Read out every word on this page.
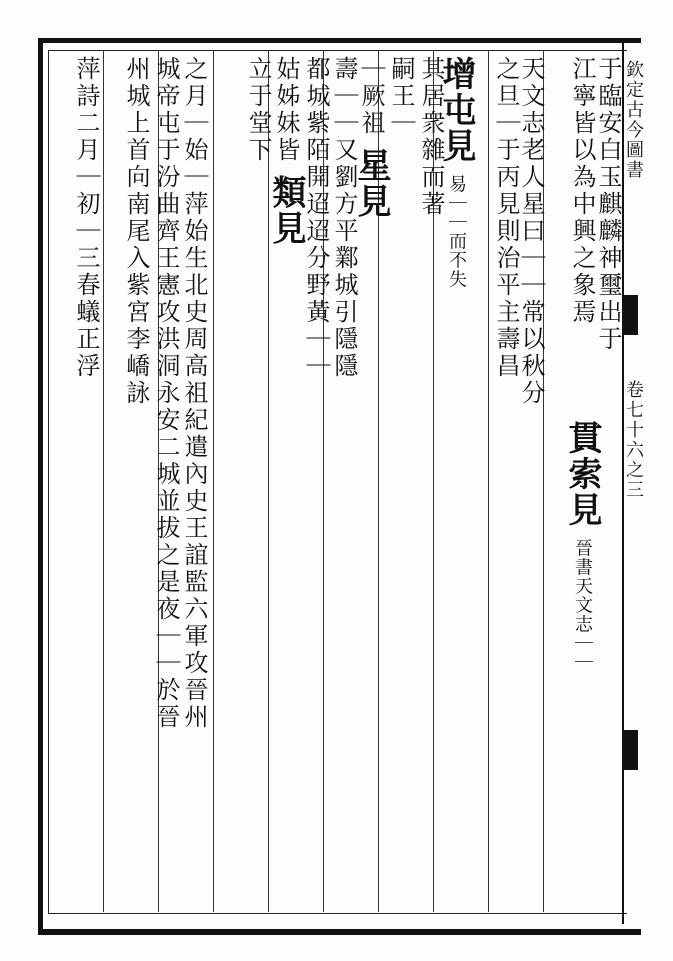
欽定古今圖書
卷七十六之三
于臨安白玉麒麟神璽出于
貫索見 晉書天文志｜｜
江寧皆以為中興之象焉
天文志老人星曰｜｜常以秋分
之旦｜于丙見則治平主壽昌
增屯見 易｜｜而不失
其居衆雜而著
嗣王｜
｜厥祖 星見
壽｜｜又劉方平鄴城引隱隱
都城紫陌開迢迢分野黃｜｜
姑姊妹皆 類見
立于堂下
之月｜始｜萍始生北史周高祖紀遣內史王誼監六軍攻晉州
城帝屯于汾曲齊王憲攻洪洞永安二城並拔之是夜｜｜於晉
州城上首向南尾入紫宮李嶠詠
萍詩二月｜初｜三春蟻正浮
